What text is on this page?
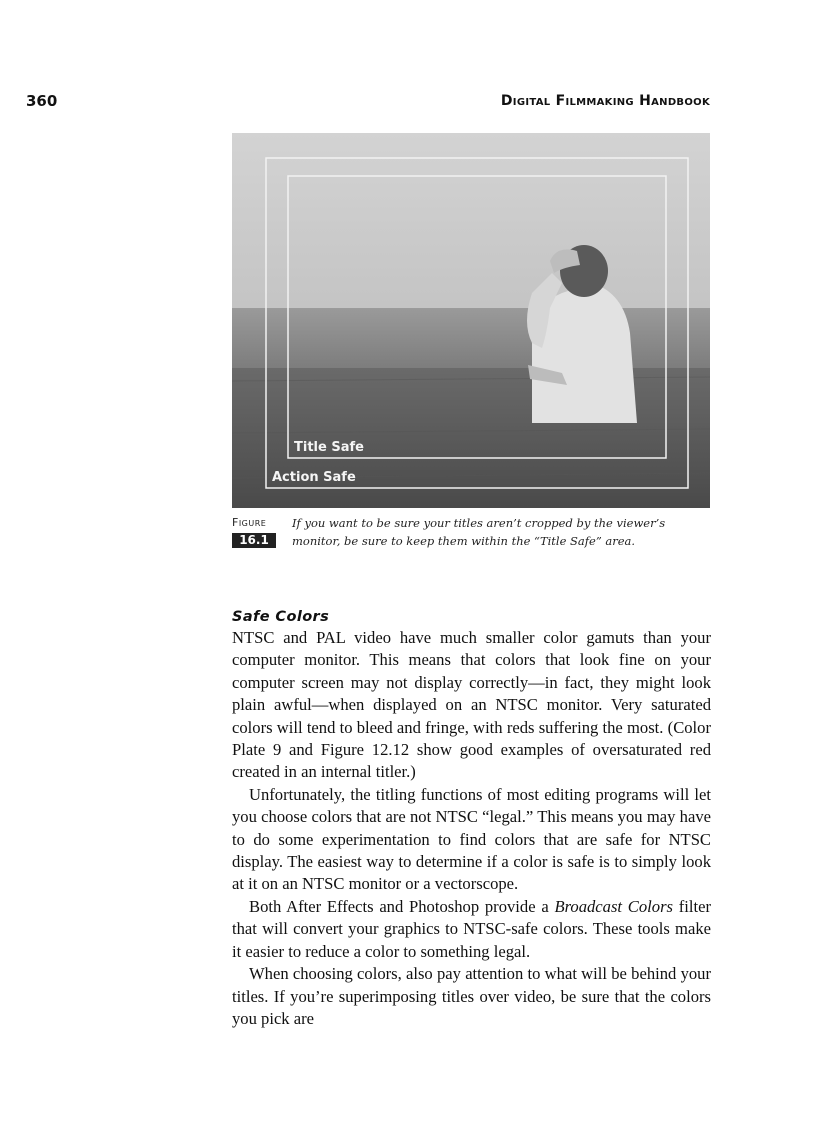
360	Digital Filmmaking Handbook
Title Safe
Action Safe
Figure
16.1
If you want to be sure your titles aren’t cropped by the viewer’s monitor, be sure to keep them within the “Title Safe” area.
Safe Colors

NTSC and PAL video have much smaller color gamuts than your computer monitor. This means that colors that look fine on your computer screen may not display correctly—in fact, they might look plain awful—when displayed on an NTSC monitor. Very saturated colors will tend to bleed and fringe, with reds suffering the most. (Color Plate 9 and Figure 12.12 show good examples of oversaturated red created in an internal titler.)

Unfortunately, the titling functions of most editing programs will let you choose colors that are not NTSC “legal.” This means you may have to do some experimentation to find colors that are safe for NTSC display. The easiest way to determine if a color is safe is to simply look at it on an NTSC monitor or a vectorscope.

Both After Effects and Photoshop provide a Broadcast Colors filter that will convert your graphics to NTSC-safe colors. These tools make it easier to reduce a color to something legal.

When choosing colors, also pay attention to what will be behind your titles. If you’re superimposing titles over video, be sure that the colors you pick are
